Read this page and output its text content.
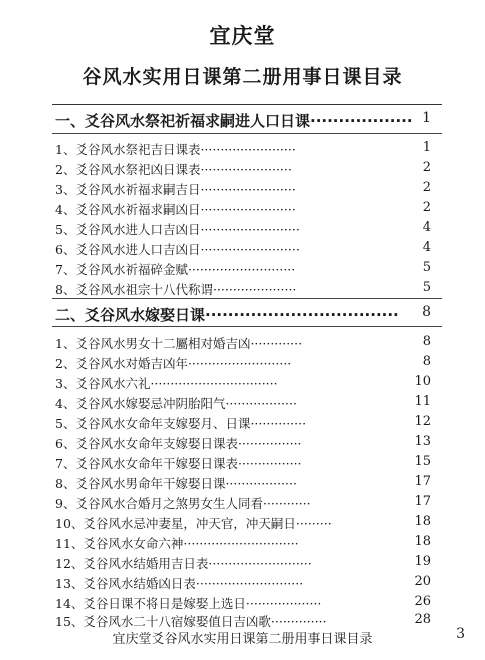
宜庆堂
谷风水实用日课第二册用事日课目录
一、爻谷风水祭祀祈福求嗣进人口日课·················· 1
1、爻谷风水祭祀吉日课表························	1
2、爻谷风水祭祀凶日课表·······················	2
3、爻谷风水祈福求嗣吉日························	2
4、爻谷风水祈福求嗣凶日························	2
5、爻谷风水进人口吉凶日·························	4
6、爻谷风水进人口吉凶日·························	4
7、爻谷风水祈福碎金赋···························	5
8、爻谷风水祖宗十八代称谓·····················	5
二、爻谷风水嫁娶日课·································· 8
1、爻谷风水男女十二屬相对婚吉凶·············	8
2、爻谷风水对婚吉凶年··························	8
3、爻谷风水六礼································	10
4、爻谷风水嫁娶忌冲阴胎阳气··················	11
5、爻谷风水女命年支嫁娶月、日课··············	12
6、爻谷风水女命年支嫁娶日课表················	13
7、爻谷风水女命年干嫁娶日课表················	15
8、爻谷风水男命年干嫁娶日课··················	17
9、爻谷风水合婚月之煞男女生人同看············	17
10、爻谷风水忌冲妻星，冲天官，冲天嗣日·········	18
11、爻谷风水女命六神·····························	18
12、爻谷风水结婚用吉日表··························	19
13、爻谷风水结婚凶日表···························	20
14、爻谷日课不将日是嫁娶上选日···················	26
15、爻谷风水二十八宿嫁娶值日吉凶歌··············	28
宜庆堂爻谷风水实用日课第二册用事日课目录	3
